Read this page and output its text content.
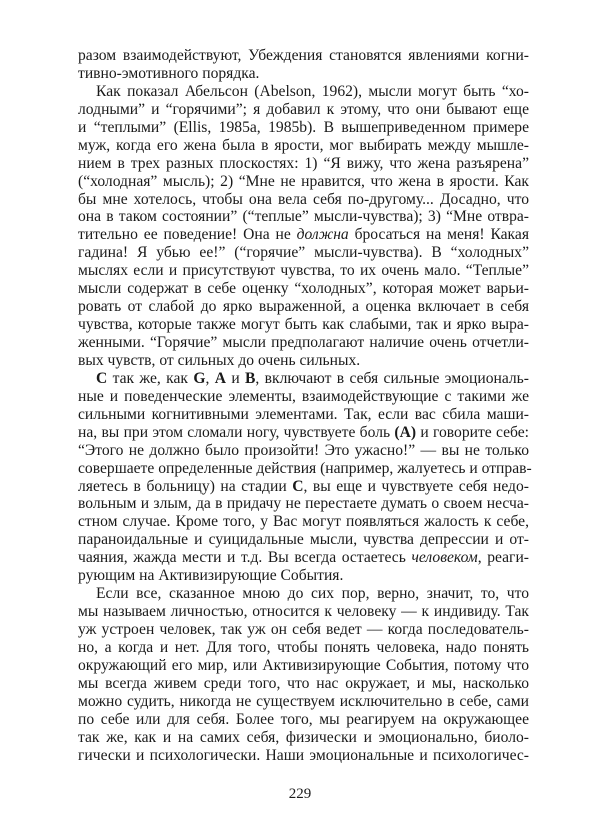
разом взаимодействуют, Убеждения становятся явлениями когни-
тивно-эмотивного порядка.
Как показал Абельсон (Abelson, 1962), мысли могут быть “хо-
лодными” и “горячими”; я добавил к этому, что они бывают еще
и “теплыми” (Ellis, 1985a, 1985b). В вышеприведенном примере
муж, когда его жена была в ярости, мог выбирать между мышле-
нием в трех разных плоскостях: 1) “Я вижу, что жена разъярена”
(“холодная” мысль); 2) “Мне не нравится, что жена в ярости. Как
бы мне хотелось, чтобы она вела себя по-другому... Досадно, что
она в таком состоянии” (“теплые” мысли-чувства); 3) “Мне отвра-
тительно ее поведение! Она не должна бросаться на меня! Какая
гадина! Я убью ее!” (“горячие” мысли-чувства). В “холодных”
мыслях если и присутствуют чувства, то их очень мало. “Теплые”
мысли содержат в себе оценку “холодных”, которая может варьи-
ровать от слабой до ярко выраженной, а оценка включает в себя
чувства, которые также могут быть как слабыми, так и ярко выра-
женными. “Горячие” мысли предполагают наличие очень отчетли-
вых чувств, от сильных до очень сильных.
С так же, как G, A и B, включают в себя сильные эмоциональ-
ные и поведенческие элементы, взаимодействующие с такими же
сильными когнитивными элементами. Так, если вас сбила маши-
на, вы при этом сломали ногу, чувствуете боль (A) и говорите себе:
“Этого не должно было произойти! Это ужасно!” — вы не только
совершаете определенные действия (например, жалуетесь и отправ-
ляетесь в больницу) на стадии С, вы еще и чувствуете себя недо-
вольным и злым, да в придачу не перестаете думать о своем несча-
стном случае. Кроме того, у Вас могут появляться жалость к себе,
параноидальные и суицидальные мысли, чувства депрессии и от-
чаяния, жажда мести и т.д. Вы всегда остаетесь человеком, реаги-
рующим на Активизирующие События.
Если все, сказанное мною до сих пор, верно, значит, то, что
мы называем личностью, относится к человеку — к индивиду. Так
уж устроен человек, так уж он себя ведет — когда последователь-
но, а когда и нет. Для того, чтобы понять человека, надо понять
окружающий его мир, или Активизирующие События, потому что
мы всегда живем среди того, что нас окружает, и мы, насколько
можно судить, никогда не существуем исключительно в себе, сами
по себе или для себя. Более того, мы реагируем на окружающее
так же, как и на самих себя, физически и эмоционально, биоло-
гически и психологически. Наши эмоциональные и психологичес-
229
